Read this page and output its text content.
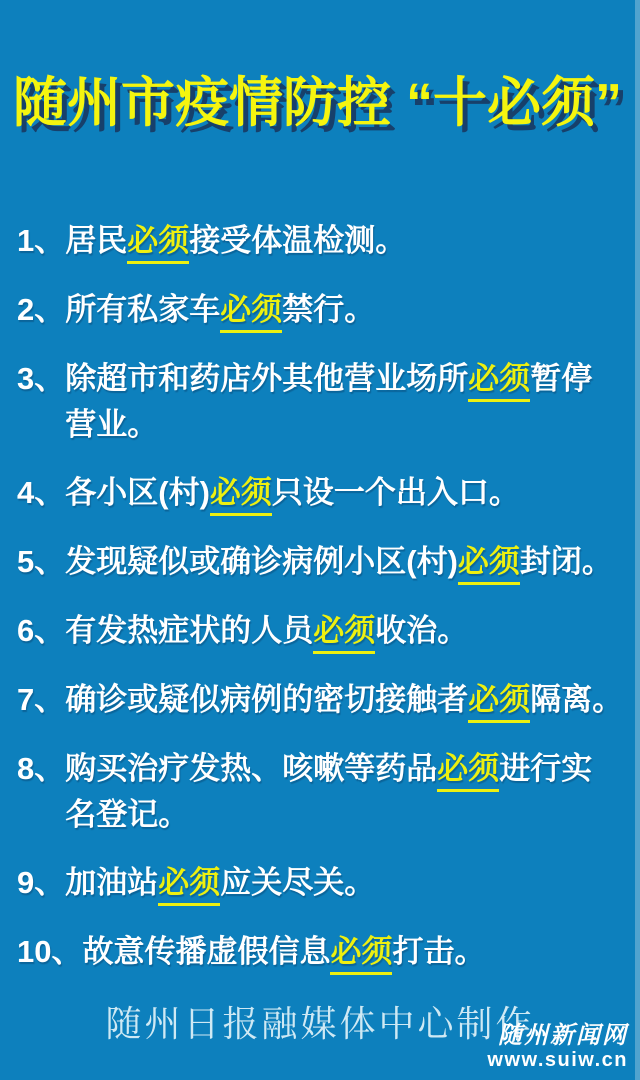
随州市疫情防控 “十必须”
1、 居民必须接受体温检测。
2、 所有私家车必须禁行。
3、 除超市和药店外其他营业场所必须暂停
营业。
4、 各小区(村)必须只设一个出入口。
5、 发现疑似或确诊病例小区(村)必须封闭。
6、 有发热症状的人员必须收治。
7、 确诊或疑似病例的密切接触者必须隔离。
8、 购买治疗发热、咳嗽等药品必须进行实
名登记。
9、 加油站必须应关尽关。
10、 故意传播虚假信息必须打击。
随州日报融媒体中心制作
随州新闻网
www.suiw.cn
